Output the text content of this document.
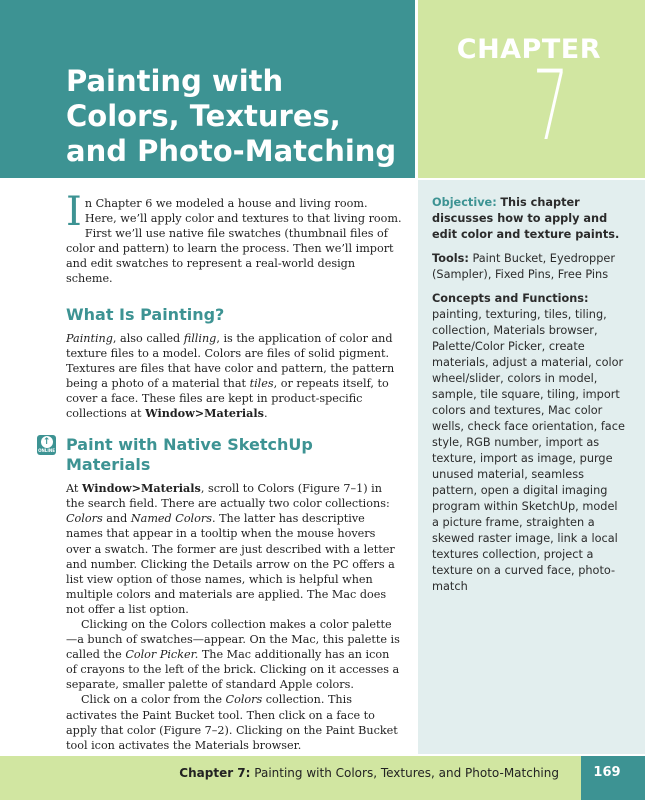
Painting with
Colors, Textures,
and Photo-Matching
CHAPTER
7

Objective: This chapter discusses how to apply and edit color and texture paints.

Tools: Paint Bucket, Eyedropper (Sampler), Fixed Pins, Free Pins

Concepts and Functions: painting, texturing, tiles, tiling, collection, Materials browser, Palette/Color Picker, create materials, adjust a material, color wheel/slider, colors in model, sample, tile square, tiling, import colors and textures, Mac color wells, check face orientation, face style, RGB number, import as texture, import as image, purge unused material, seamless pattern, open a digital imaging program within SketchUp, model a picture frame, straighten a skewed raster image, link a local textures collection, project a texture on a curved face, photo-match

In Chapter 6 we modeled a house and living room. Here, we’ll apply color and textures to that living room. First we’ll use native file swatches (thumbnail files of color and pattern) to learn the process. Then we’ll import and edit swatches to represent a real-world design scheme.

What Is Painting?

Painting, also called filling, is the application of color and texture files to a model. Colors are files of solid pigment. Textures are files that have color and pattern, the pattern being a photo of a material that tiles, or repeats itself, to cover a face. These files are kept in product-specific collections at Window>Materials.

↑
ONLINE Paint with Native SketchUp Materials

At Window>Materials, scroll to Colors (Figure 7–1) in the search field. There are actually two color collections: Colors and Named Colors. The latter has descriptive names that appear in a tooltip when the mouse hovers over a swatch. The former are just described with a letter and number. Clicking the Details arrow on the PC offers a list view option of those names, which is helpful when multiple colors and materials are applied. The Mac does not offer a list option.

Clicking on the Colors collection makes a color palette—a bunch of swatches—appear. On the Mac, this palette is called the Color Picker. The Mac additionally has an icon of crayons to the left of the brick. Clicking on it accesses a separate, smaller palette of standard Apple colors.

Click on a color from the Colors collection. This activates the Paint Bucket tool. Then click on a face to apply that color (Figure 7–2). Clicking on the Paint Bucket tool icon activates the Materials browser.

Chapter 7: Painting with Colors, Textures, and Photo-Matching	169
